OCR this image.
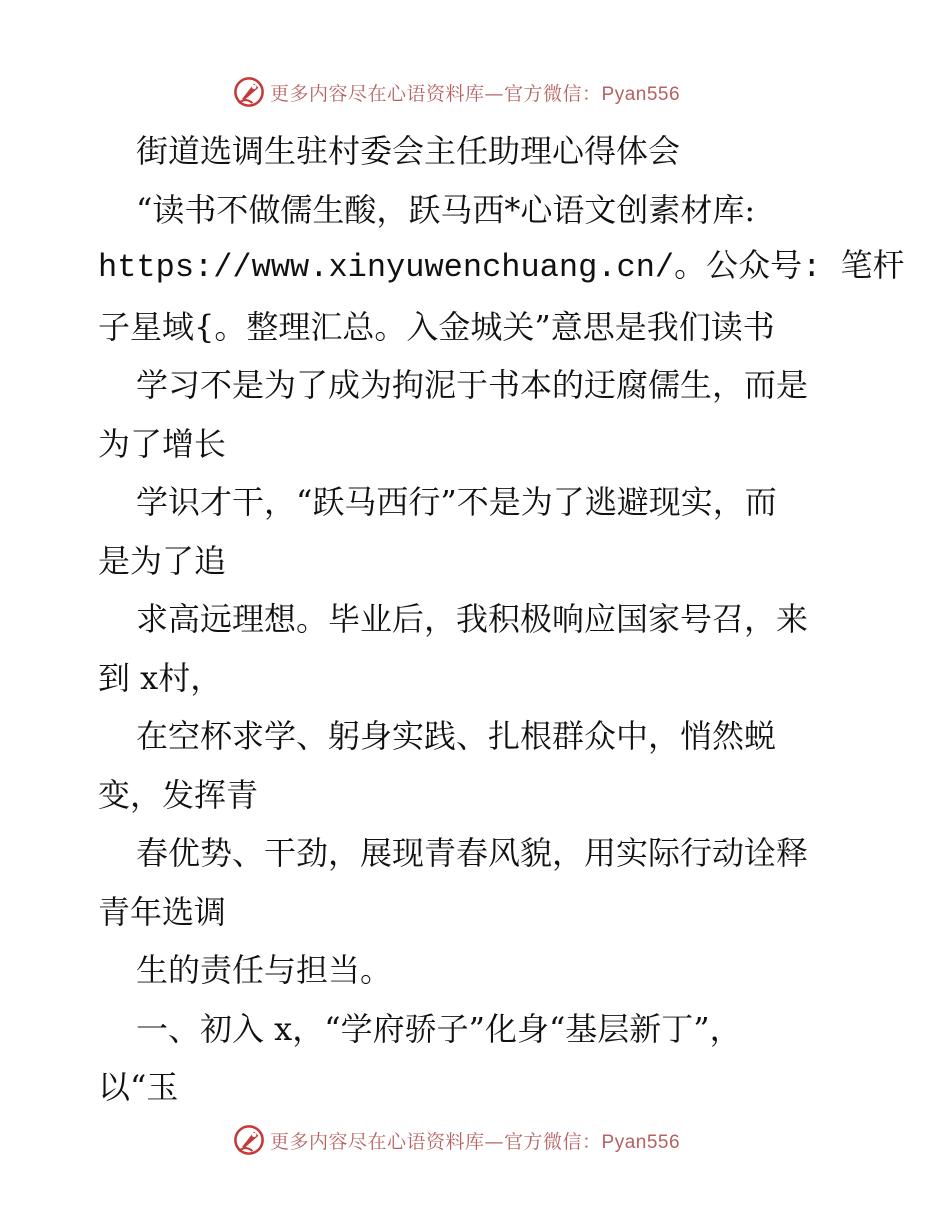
更多内容尽在心语资料库—官方微信：Pyan556
街道选调生驻村委会主任助理心得体会
“读书不做儒生酸，跃马西*心语文创素材库:
https://www.xinyuwenchuang.cn/。公众号: 笔杆
子星域{。整理汇总。入金城关”意思是我们读书
学习不是为了成为拘泥于书本的迂腐儒生，而是
为了增长
学识才干，“跃马西行”不是为了逃避现实，而
是为了追
求高远理想。毕业后，我积极响应国家号召，来
到 x村，
在空杯求学、躬身实践、扎根群众中，悄然蜕
变，发挥青
春优势、干劲，展现青春风貌，用实际行动诠释
青年选调
生的责任与担当。
一、初入 x，“学府骄子”化身“基层新丁”，
以“玉
更多内容尽在心语资料库—官方微信：Pyan556
